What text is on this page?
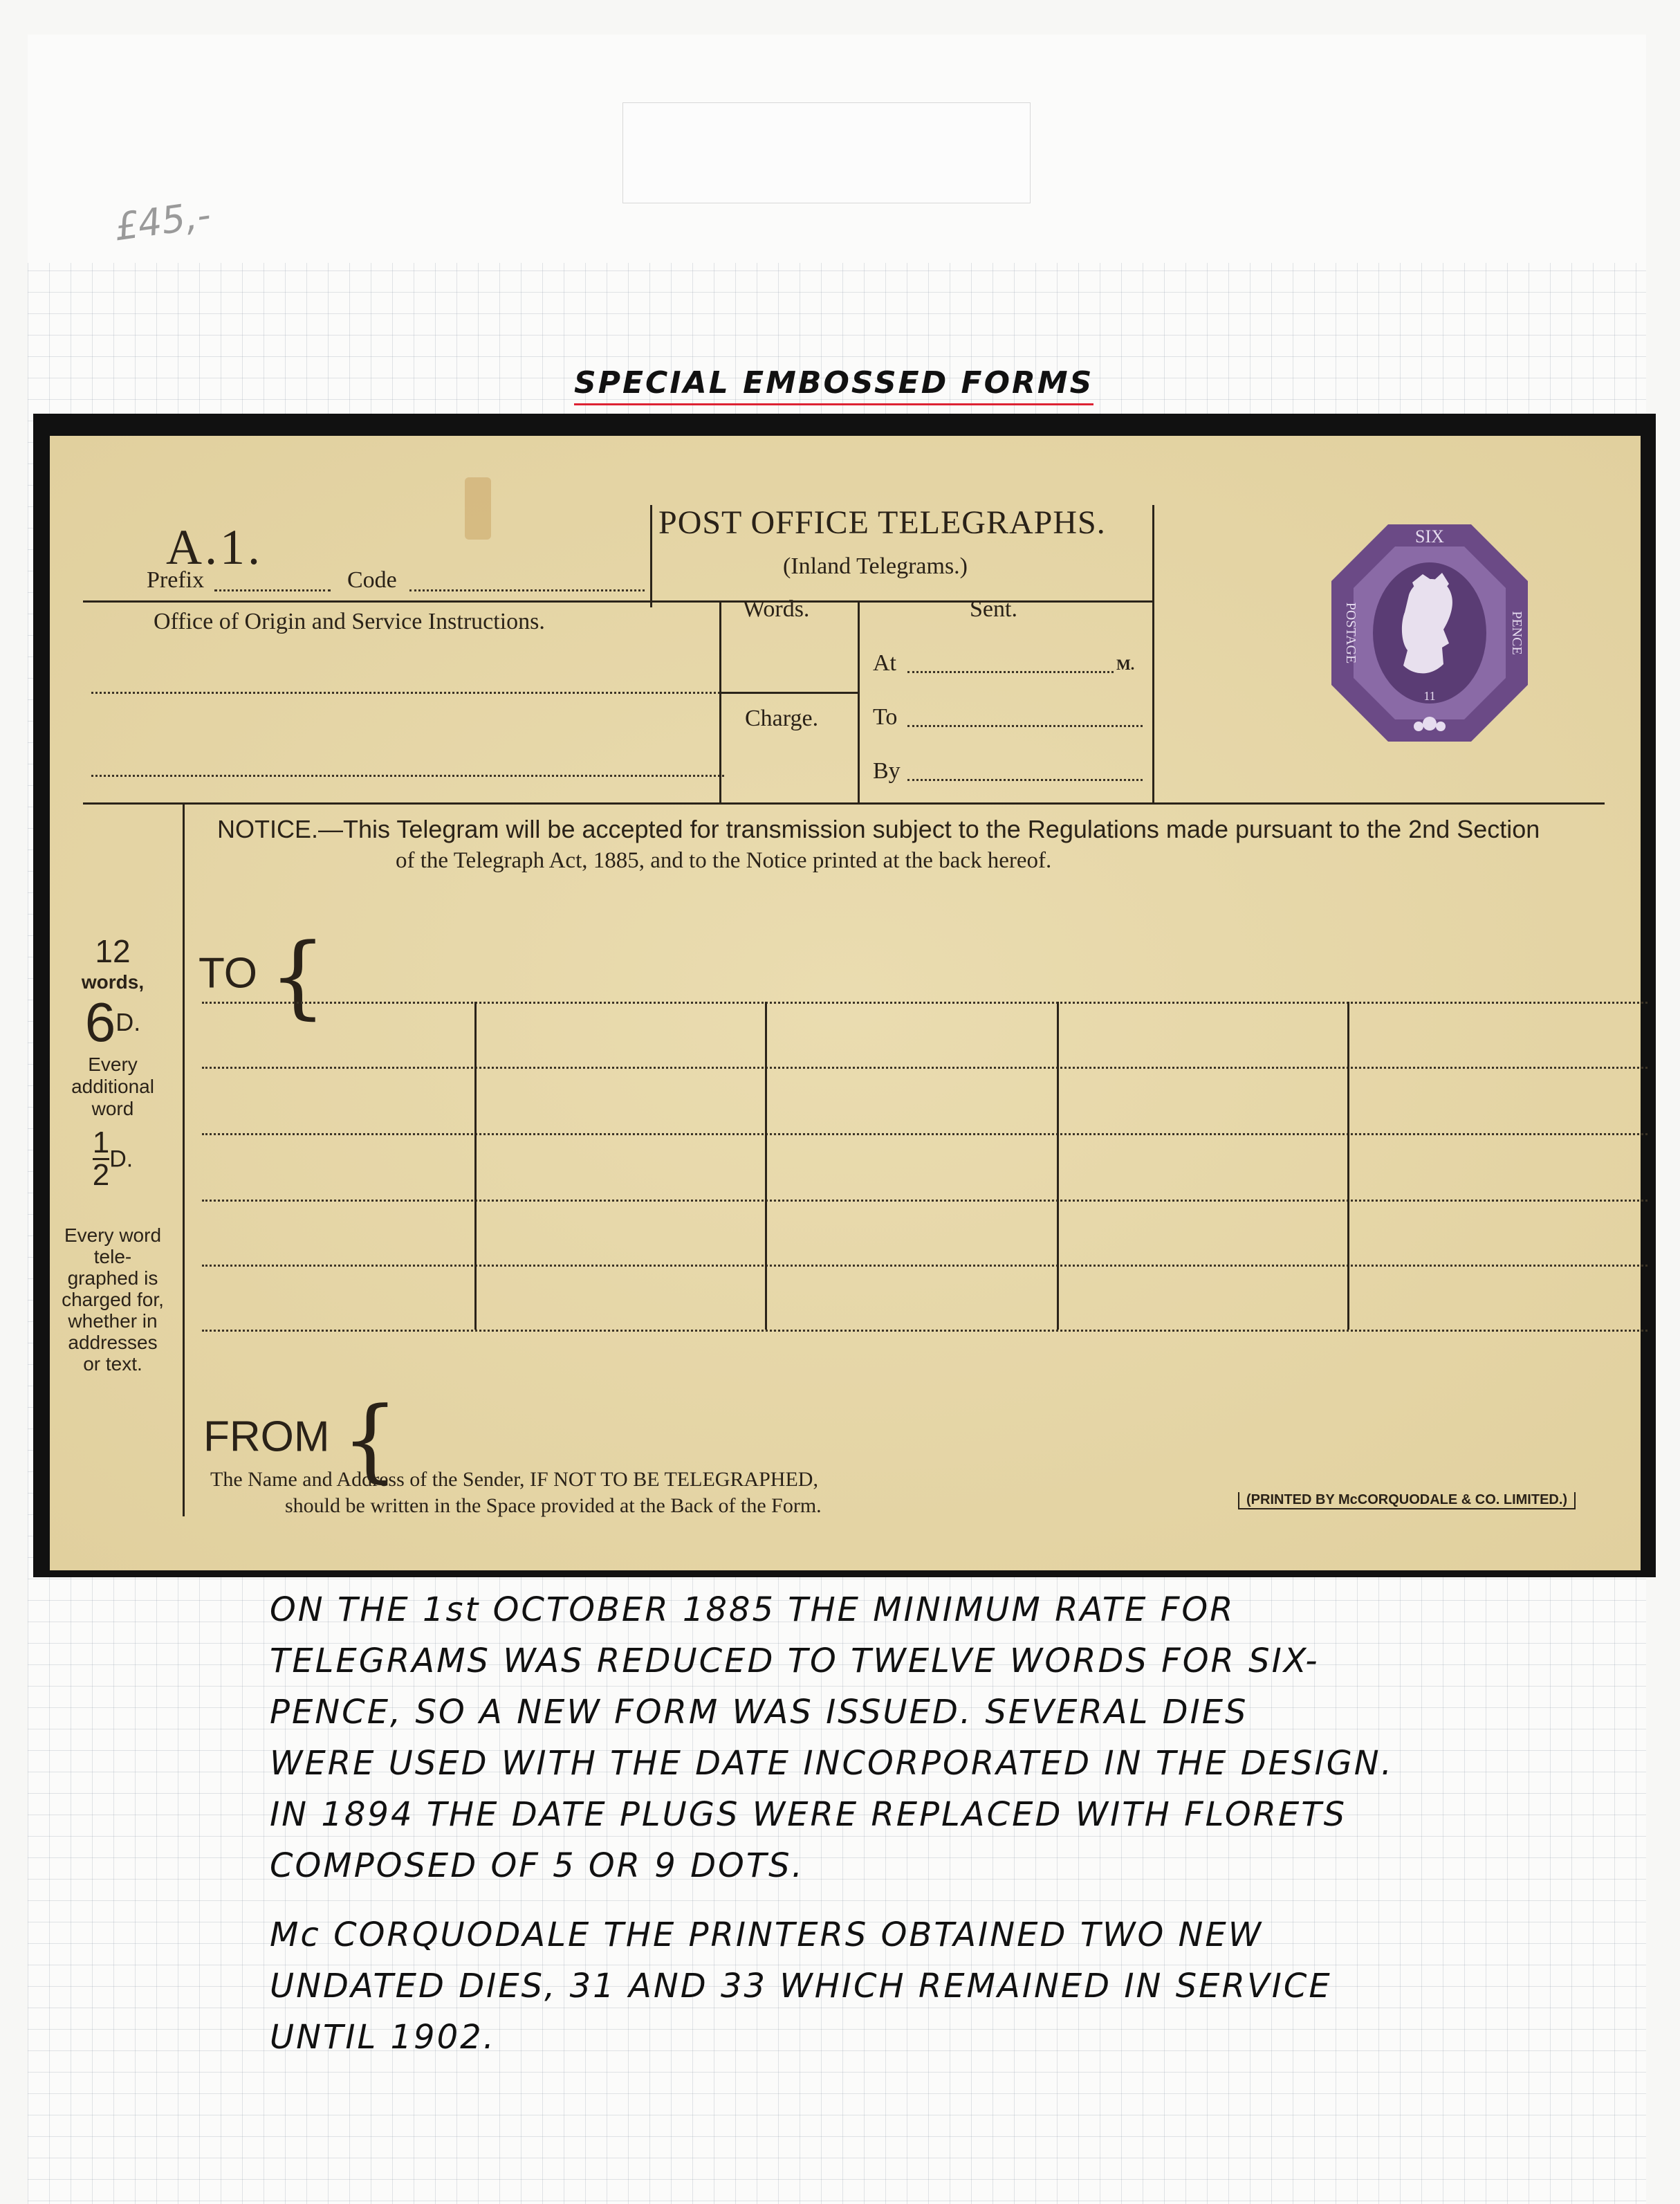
£45,-
SPECIAL EMBOSSED FORMS
A.1.
Prefix	Code
POST OFFICE TELEGRAPHS.
(Inland Telegrams.)
Office of Origin and Service Instructions.	Words.
Charge.
Sent.
At	M.
To
By
SIX
POSTAGE	PENCE
11
NOTICE.—This Telegram will be accepted for transmission subject to the Regulations made pursuant to the 2nd Section
of the Telegraph Act, 1885, and to the Notice printed at the back hereof.
12
words,
$6^{D.}$
Every additional word
$\frac{1}{2} D$.
Every word tele- graphed is charged for, whether in addresses or text.
TO {
FROM {
The Name and Address of the Sender, IF NOT TO BE TELEGRAPHED,
should be written in the Space provided at the Back of the Form.	(PRINTED BY McCORQUODALE & CO. LIMITED.)
ON THE 1st OCTOBER 1885 THE MINIMUM RATE FOR
TELEGRAMS WAS REDUCED TO TWELVE WORDS FOR SIX-
PENCE, SO A NEW FORM WAS ISSUED. SEVERAL DIES
WERE USED WITH THE DATE INCORPORATED IN THE DESIGN.
IN 1894 THE DATE PLUGS WERE REPLACED WITH FLORETS
COMPOSED OF 5 OR 9 DOTS.
Mc CORQUODALE THE PRINTERS OBTAINED TWO NEW
UNDATED DIES, 31 AND 33 WHICH REMAINED IN SERVICE
UNTIL 1902.
